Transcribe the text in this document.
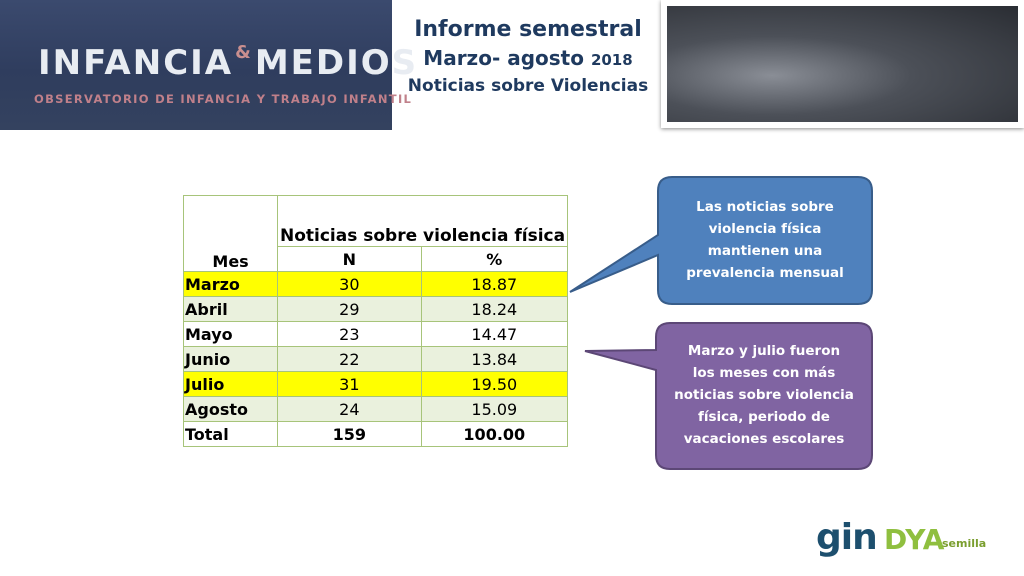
INFANCIA &MEDIOS
OBSERVATORIO DE INFANCIA Y TRABAJO INFANTIL
Informe semestral
Marzo- agosto 2018
Noticias sobre Violencias
Mes	Noticias sobre violencia física	
	N	%
Marzo	30	18.87
Abril	29	18.24
Mayo	23	14.47
Junio	22	13.84
Julio	31	19.50
Agosto	24	15.09
Total	159	100.00
Las noticias sobre
violencia física
mantienen una
prevalencia mensual
Marzo y julio fueron
los meses con más
noticias sobre violencia
física, periodo de
vacaciones escolares
gin DYA
semilla
